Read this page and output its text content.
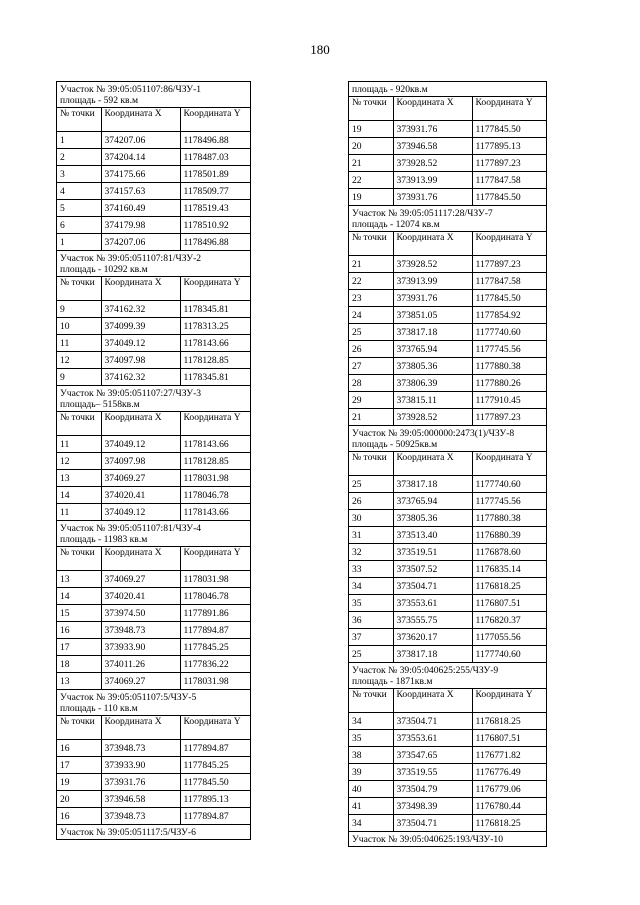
180
Участок № 39:05:051107:86/ЧЗУ-1
площадь - 592 кв.м
№ точки	Координата X	Координата Y
1	374207.06	1178496.88
2	374204.14	1178487.03
3	374175.66	1178501.89
4	374157.63	1178509.77
5	374160.49	1178519.43
6	374179.98	1178510.92
1	374207.06	1178496.88
Участок № 39:05:051107:81/ЧЗУ-2
площадь - 10292 кв.м
№ точки	Координата X	Координата Y
9	374162.32	1178345.81
10	374099.39	1178313.25
11	374049.12	1178143.66
12	374097.98	1178128.85
9	374162.32	1178345.81
Участок № 39:05:051107:27/ЧЗУ-3
площадь– 5158кв.м
№ точки	Координата X	Координата Y
11	374049.12	1178143.66
12	374097.98	1178128.85
13	374069.27	1178031.98
14	374020.41	1178046.78
11	374049.12	1178143.66
Участок № 39:05:051107:81/ЧЗУ-4
площадь - 11983 кв.м
№ точки	Координата X	Координата Y
13	374069.27	1178031.98
14	374020.41	1178046.78
15	373974.50	1177891.86
16	373948.73	1177894.87
17	373933.90	1177845.25
18	374011.26	1177836.22
13	374069.27	1178031.98
Участок № 39:05:051107:5/ЧЗУ-5
площадь - 110 кв.м
№ точки	Координата X	Координата Y
16	373948.73	1177894.87
17	373933.90	1177845.25
19	373931.76	1177845.50
20	373946.58	1177895.13
16	373948.73	1177894.87
Участок № 39:05:051117:5/ЧЗУ-6
площадь - 920кв.м
№ точки	Координата X	Координата Y
19	373931.76	1177845.50
20	373946.58	1177895.13
21	373928.52	1177897.23
22	373913.99	1177847.58
19	373931.76	1177845.50
Участок № 39:05:051117:28/ЧЗУ-7
площадь - 12074 кв.м
№ точки	Координата X	Координата Y
21	373928.52	1177897.23
22	373913.99	1177847.58
23	373931.76	1177845.50
24	373851.05	1177854.92
25	373817.18	1177740.60
26	373765.94	1177745.56
27	373805.36	1177880.38
28	373806.39	1177880.26
29	373815.11	1177910.45
21	373928.52	1177897.23
Участок № 39:05:000000:2473(1)/ЧЗУ-8
площадь - 50925кв.м
№ точки	Координата X	Координата Y
25	373817.18	1177740.60
26	373765.94	1177745.56
30	373805.36	1177880.38
31	373513.40	1176880.39
32	373519.51	1176878.60
33	373507.52	1176835.14
34	373504.71	1176818.25
35	373553.61	1176807.51
36	373555.75	1176820.37
37	373620.17	1177055.56
25	373817.18	1177740.60
Участок № 39:05:040625:255/ЧЗУ-9
площадь - 1871кв.м
№ точки	Координата X	Координата Y
34	373504.71	1176818.25
35	373553.61	1176807.51
38	373547.65	1176771.82
39	373519.55	1176776.49
40	373504.79	1176779.06
41	373498.39	1176780.44
34	373504.71	1176818.25
Участок № 39:05:040625:193/ЧЗУ-10
